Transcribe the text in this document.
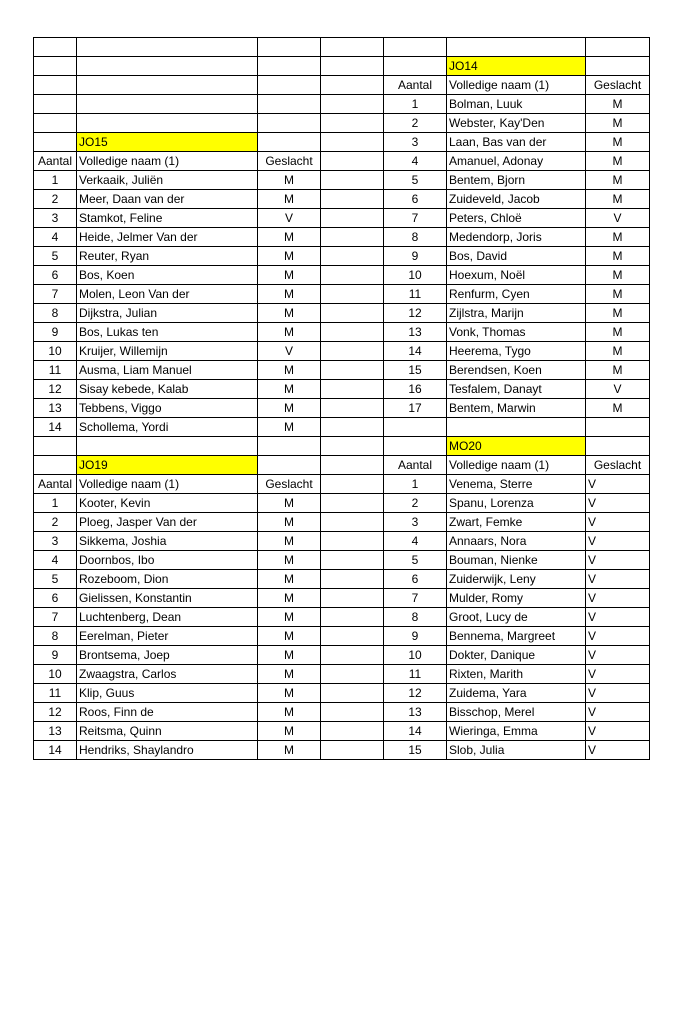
					JO14	
				Aantal	Volledige naam (1)	Geslacht
				1	Bolman, Luuk	M
				2	Webster, Kay'Den	M
	JO15			3	Laan, Bas van der	M
Aantal	Volledige naam (1)	Geslacht		4	Amanuel, Adonay	M
1	Verkaaik, Juliën	M		5	Bentem, Bjorn	M
2	Meer, Daan van der	M		6	Zuideveld, Jacob	M
3	Stamkot, Feline	V		7	Peters, Chloë	V
4	Heide, Jelmer Van der	M		8	Medendorp, Joris	M
5	Reuter, Ryan	M		9	Bos, David	M
6	Bos, Koen	M		10	Hoexum, Noël	M
7	Molen, Leon Van der	M		11	Renfurm, Cyen	M
8	Dijkstra, Julian	M		12	Zijlstra, Marijn	M
9	Bos, Lukas ten	M		13	Vonk, Thomas	M
10	Kruijer, Willemijn	V		14	Heerema, Tygo	M
11	Ausma, Liam Manuel	M		15	Berendsen, Koen	M
12	Sisay kebede, Kalab	M		16	Tesfalem, Danayt	V
13	Tebbens, Viggo	M		17	Bentem, Marwin	M
14	Schollema, Yordi	M				
					MO20	
	JO19			Aantal	Volledige naam (1)	Geslacht
Aantal	Volledige naam (1)	Geslacht		1	Venema, Sterre	V
1	Kooter, Kevin	M		2	Spanu, Lorenza	V
2	Ploeg, Jasper Van der	M		3	Zwart, Femke	V
3	Sikkema, Joshia	M		4	Annaars, Nora	V
4	Doornbos, Ibo	M		5	Bouman, Nienke	V
5	Rozeboom, Dion	M		6	Zuiderwijk, Leny	V
6	Gielissen, Konstantin	M		7	Mulder, Romy	V
7	Luchtenberg, Dean	M		8	Groot, Lucy de	V
8	Eerelman, Pieter	M		9	Bennema, Margreet	V
9	Brontsema, Joep	M		10	Dokter, Danique	V
10	Zwaagstra, Carlos	M		11	Rixten, Marith	V
11	Klip, Guus	M		12	Zuidema, Yara	V
12	Roos, Finn de	M		13	Bisschop, Merel	V
13	Reitsma, Quinn	M		14	Wieringa, Emma	V
14	Hendriks, Shaylandro	M		15	Slob, Julia	V
